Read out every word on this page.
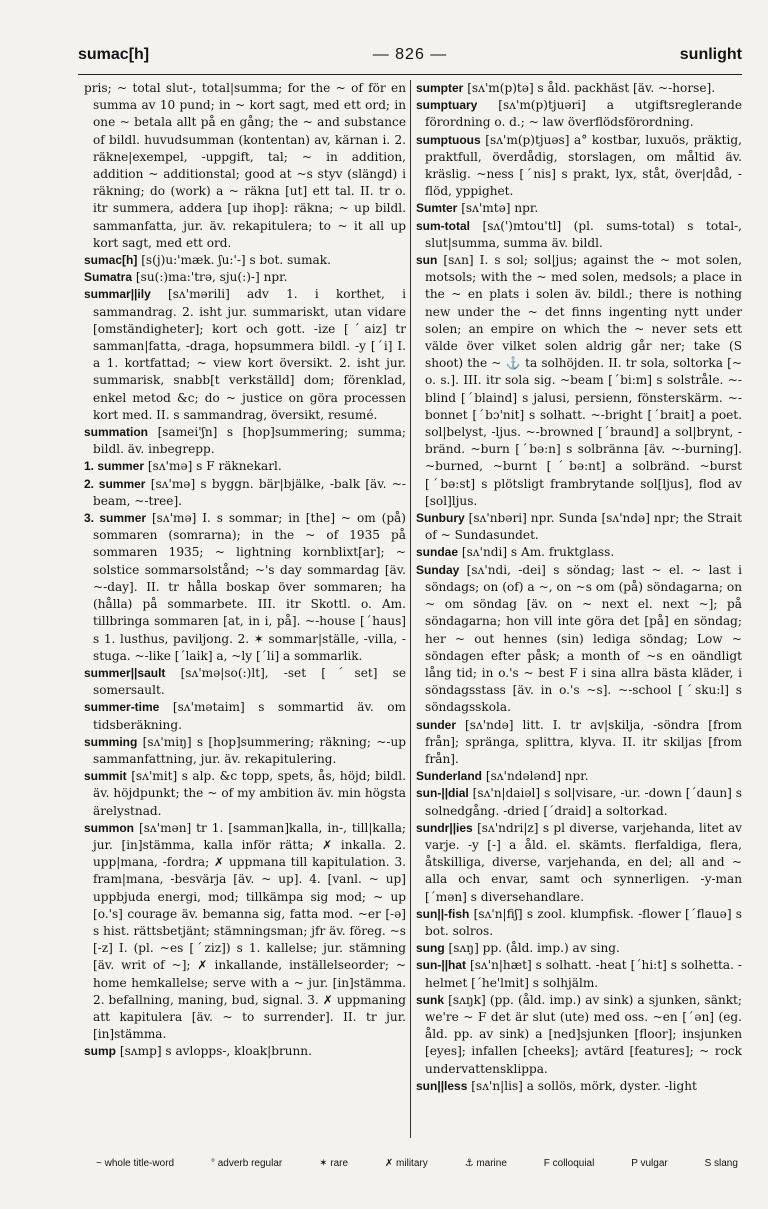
sumac[h]	— 826 —	sunlight
pris; ~ total slut-, total|summa; for the ~ of för en summa av 10 pund; in ~ kort sagt, med ett ord; in one ~ betala allt på en gång; the ~ and substance of bildl. huvudsumman (kontentan) av, kärnan i. 2. räkne|exempel, -uppgift, tal; ~ in addition, addition ~ additionstal; good at ~s styv (slängd) i räkning; do (work) a ~ räkna [ut] ett tal. II. tr o. itr summera, addera [up ihop]: räkna; ~ up bildl. sammanfatta, jur. äv. rekapitulera; to ~ it all up kort sagt, med ett ord.
sumac[h] [s(j)u:'mæk. ʃu:'-] s bot. sumak.
Sumatra [su(:)ma:'trə, sju(:)-] npr.
summar||ily [sʌ'mərili] adv 1. i korthet, i sammandrag. 2. isht jur. summariskt, utan vidare [omständigheter]; kort och gott. -ize [ˊaiz] tr samman|fatta, -draga, hopsummera bildl. -y [ˊi] I. a 1. kortfattad; ~ view kort översikt. 2. isht jur. summarisk, snabb[t verkställd] dom; förenklad, enkel metod &c; do ~ justice on göra processen kort med. II. s sammandrag, översikt, resumé.
summation [samei'ʃn] s [hop]summering; summa; bildl. äv. inbegrepp.
1. summer [sʌ'mə] s F räknekarl.
2. summer [sʌ'mə] s byggn. bär|bjälke, -balk [äv. ~-beam, ~-tree].
3. summer [sʌ'mə] I. s sommar; in [the] ~ om (på) sommaren (somrarna); in the ~ of 1935 på sommaren 1935; ~ lightning kornblixt[ar]; ~ solstice sommarsolstånd; ~'s day sommardag [äv. ~-day]. II. tr hålla boskap över sommaren; ha (hålla) på sommarbete. III. itr Skottl. o. Am. tillbringa sommaren [at, in i, på]. ~-house [ˊhaus] s 1. lusthus, paviljong. 2. ✶ sommar|ställe, -villa, -stuga. ~-like [ˊlaik] a, ~ly [ˊli] a sommarlik.
summer||sault [sʌ'mə|so(:)lt], -set [ˊset] se somersault.
summer-time [sʌ'mətaim] s sommartid äv. om tidsberäkning.
summing [sʌ'miŋ] s [hop]summering; räkning; ~-up sammanfattning, jur. äv. rekapitulering.
summit [sʌ'mit] s alp. &c topp, spets, ås, höjd; bildl. äv. höjdpunkt; the ~ of my ambition äv. min högsta ärelystnad.
summon [sʌ'mən] tr 1. [samman]kalla, in-, till|kalla; jur. [in]stämma, kalla inför rätta; ✗ inkalla. 2. upp|mana, -fordra; ✗ uppmana till kapitulation. 3. fram|mana, -besvärja [äv. ~ up]. 4. [vanl. ~ up] uppbjuda energi, mod; tillkämpa sig mod; ~ up [o.'s] courage äv. bemanna sig, fatta mod. ~er [-ə] s hist. rättsbetjänt; stämningsman; jfr äv. föreg. ~s [-z] I. (pl. ~es [ˊziz]) s 1. kallelse; jur. stämning [äv. writ of ~]; ✗ inkallande, inställelseorder; ~ home hemkallelse; serve with a ~ jur. [in]stämma. 2. befallning, maning, bud, signal. 3. ✗ uppmaning att kapitulera [äv. ~ to surrender]. II. tr jur. [in]stämma.
sump [sʌmp] s avlopps-, kloak|brunn.
sumpter [sʌ'm(p)tə] s åld. packhäst [äv. ~-horse].
sumptuary [sʌ'm(p)tjuəri] a utgiftsreglerande förordning o. d.; ~ law överflödsförordning.
sumptuous [sʌ'm(p)tjuəs] a° kostbar, luxuös, präktig, praktfull, överdådig, storslagen, om måltid äv. kräslig. ~ness [ˊnis] s prakt, lyx, ståt, över|dåd, -flöd, yppighet.
Sumter [sʌ'mtə] npr.
sum-total [sʌ(')mtou'tl] (pl. sums-total) s total-, slut|summa, summa äv. bildl.
sun [sʌn] I. s sol; sol|jus; against the ~ mot solen, motsols; with the ~ med solen, medsols; a place in the ~ en plats i solen äv. bildl.; there is nothing new under the ~ det finns ingenting nytt under solen; an empire on which the ~ never sets ett välde över vilket solen aldrig går ner; take (S shoot) the ~ ⚓ ta solhöjden. II. tr sola, soltorka [~ o. s.]. III. itr sola sig. ~beam [ˊbi:m] s solstråle. ~-blind [ˊblaind] s jalusi, persienn, fönsterskärm. ~-bonnet [ˊbɔ'nit] s solhatt. ~-bright [ˊbrait] a poet. sol|belyst, -ljus. ~-browned [ˊbraund] a sol|brynt, -bränd. ~burn [ˊbə:n] s solbränna [äv. ~-burning]. ~burned, ~burnt [ˊbə:nt] a solbränd. ~burst [ˊbə:st] s plötsligt frambrytande sol[ljus], flod av [sol]ljus.
Sunbury [sʌ'nbəri] npr. Sunda [sʌ'ndə] npr; the Strait of ~ Sundasundet.
sundae [sʌ'ndi] s Am. fruktglass.
Sunday [sʌ'ndi, -dei] s söndag; last ~ el. ~ last i söndags; on (of) a ~, on ~s om (på) söndagarna; on ~ om söndag [äv. on ~ next el. next ~]; på söndagarna; hon vill inte göra det [på] en söndag; her ~ out hennes (sin) lediga söndag; Low ~ söndagen efter påsk; a month of ~s en oändligt lång tid; in o.'s ~ best F i sina allra bästa kläder, i söndagsstass [äv. in o.'s ~s]. ~-school [ˊsku:l] s söndagsskola.
sunder [sʌ'ndə] litt. I. tr av|skilja, -söndra [from från]; spränga, splittra, klyva. II. itr skiljas [from från].
Sunderland [sʌ'ndələnd] npr.
sun-||dial [sʌ'n|daiəl] s sol|visare, -ur. -down [ˊdaun] s solnedgång. -dried [ˊdraid] a soltorkad.
sundr||ies [sʌ'ndri|z] s pl diverse, varjehanda, litet av varje. -y [-] a åld. el. skämts. flerfaldiga, flera, åtskilliga, diverse, varjehanda, en del; all and ~ alla och envar, samt och synnerligen. -y-man [ˊmən] s diversehandlare.
sun||-fish [sʌ'n|fiʃ] s zool. klumpfisk. -flower [ˊflauə] s bot. solros.
sung [sʌŋ] pp. (åld. imp.) av sing.
sun-||hat [sʌ'n|hæt] s solhatt. -heat [ˊhi:t] s solhetta. -helmet [ˊhe'lmit] s solhjälm.
sunk [sʌŋk] (pp. (åld. imp.) av sink) a sjunken, sänkt; we're ~ F det är slut (ute) med oss. ~en [ˊən] (eg. åld. pp. av sink) a [ned]sjunken [floor]; insjunken [eyes]; infallen [cheeks]; avtärd [features]; ~ rock undervattensklippa.
sun||less [sʌ'n|lis] a sollös, mörk, dyster. -light
~ whole title-word	° adverb regular	✶ rare	✗ military	⚓ marine	F colloquial	P vulgar	S slang
